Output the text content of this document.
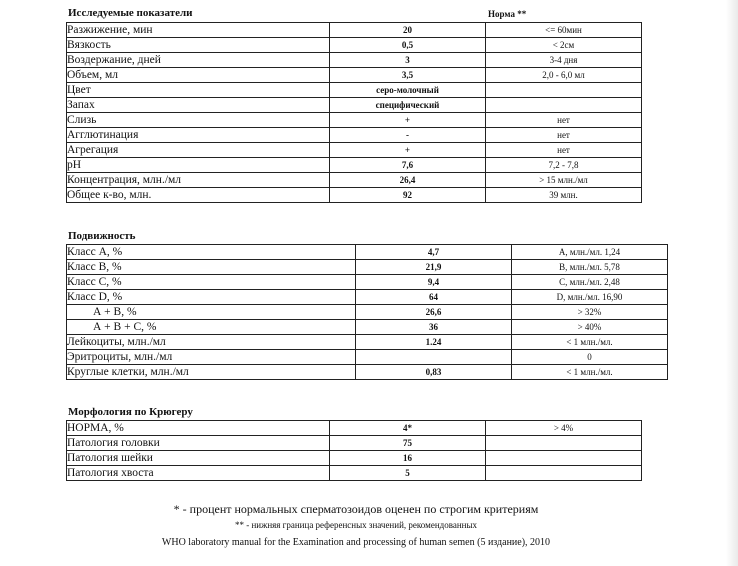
Исследуемые показатели	Норма **
Разжижение, мин	20	<= 60мин
Вязкость	0,5	< 2см
Воздержание, дней	3	3-4 дня
Объем, мл	3,5	2,0 - 6,0 мл
Цвет	серо-молочный	
Запах	специфический	
Слизь	+	нет
Агглютинация	-	нет
Агрегация	+	нет
pH	7,6	7,2 - 7,8
Концентрация, млн./мл	26,4	> 15 млн./мл
Общее к-во, млн.	92	39 млн.
Подвижность
Класс А, %	4,7	А, млн./мл. 1,24
Класс В, %	21,9	В, млн./мл. 5,78
Класс С, %	9,4	С, млн./мл. 2,48
Класс D, %	64	D, млн./мл. 16,90
А + В, %	26,6	> 32%
А + В + С, %	36	> 40%
Лейкоциты, млн./мл	1.24	< 1 млн./мл.
Эритроциты, млн./мл		0
Круглые клетки, млн./мл	0,83	< 1 млн./мл.
Морфология по Крюгеру
НОРМА, %	4*	> 4%
Патология головки	75	
Патология шейки	16	
Патология хвоста	5	
* - процент нормальных сперматозоидов оценен по строгим критериям
** - нижняя граница референсных значений, рекомендованных
WHO laboratory manual for the Examination and processing of human semen (5 издание), 2010
